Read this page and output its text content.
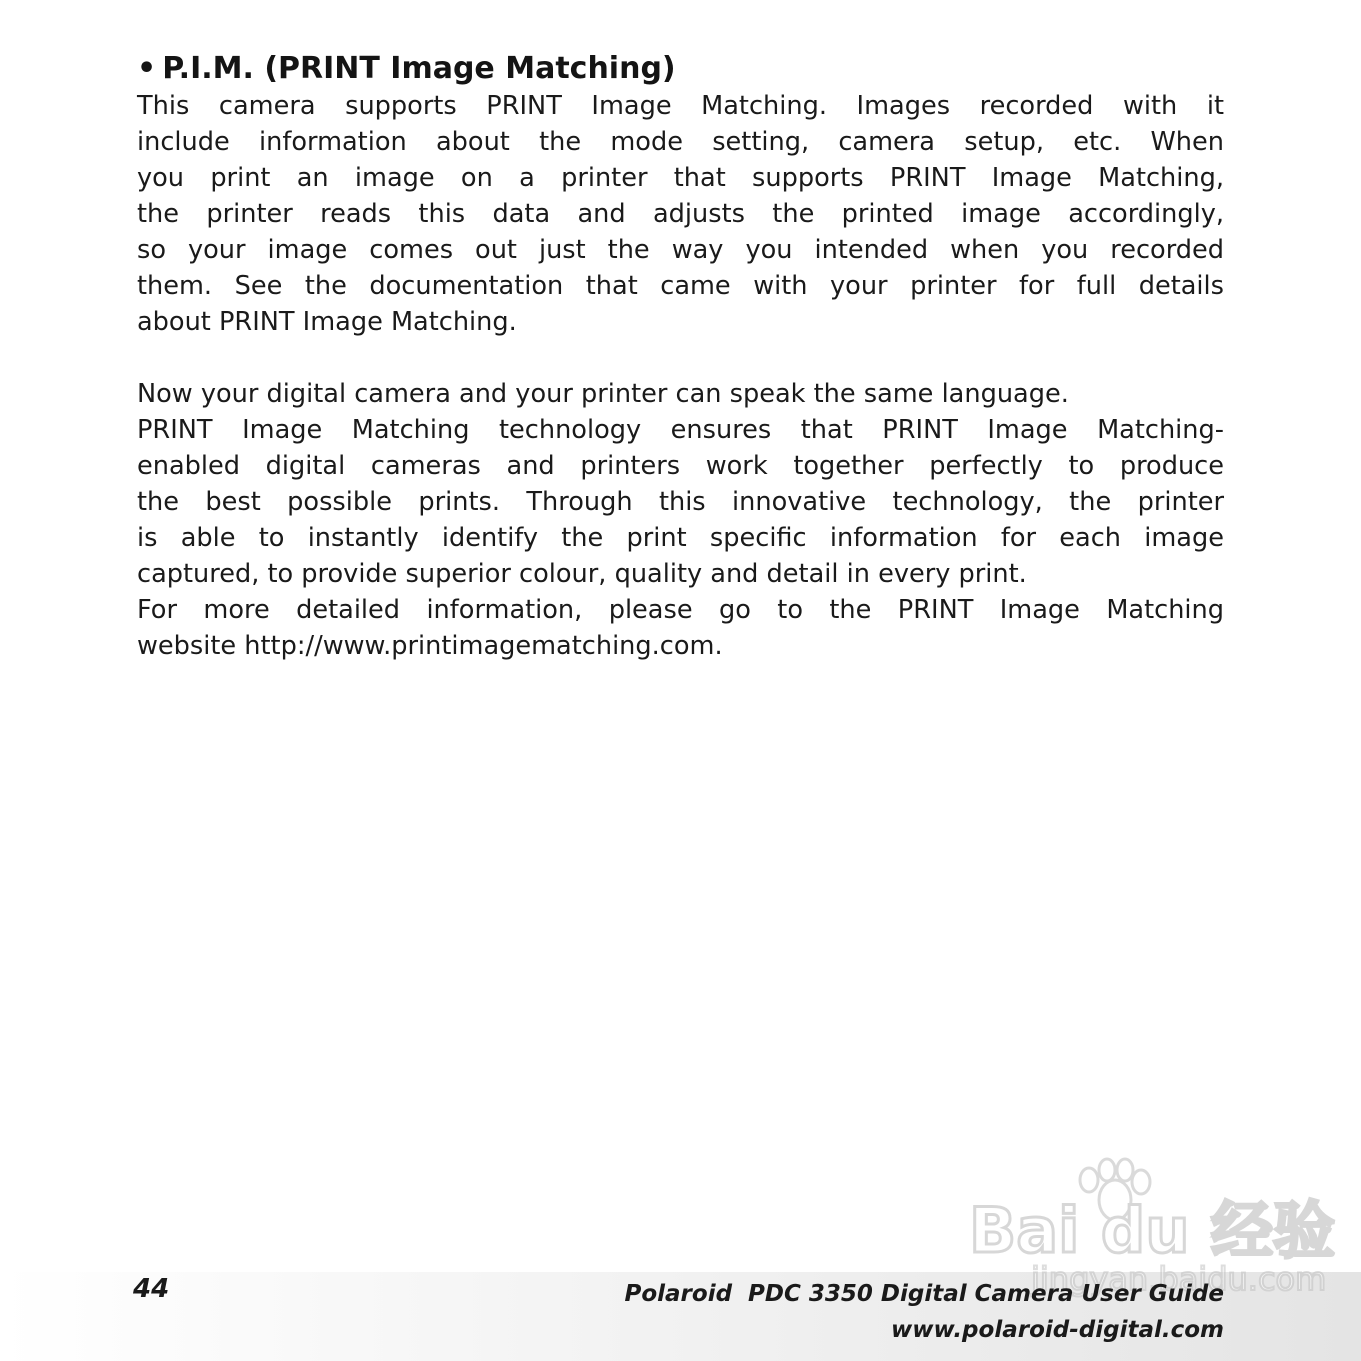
• P.I.M. (PRINT Image Matching)

This camera supports PRINT Image Matching. Images recorded with it
include information about the mode setting, camera setup, etc. When
you print an image on a printer that supports PRINT Image Matching,
the printer reads this data and adjusts the printed image accordingly,
so your image comes out just the way you intended when you recorded
them. See the documentation that came with your printer for full details
about PRINT Image Matching.

Now your digital camera and your printer can speak the same language.
PRINT Image Matching technology ensures that PRINT Image Matching-
enabled digital cameras and printers work together perfectly to produce
the best possible prints. Through this innovative technology, the printer
is able to instantly identify the print specific information for each image
captured, to provide superior colour, quality and detail in every print.
For more detailed information, please go to the PRINT Image Matching
website http://www.printimagematching.com.

Bai du 经验
jingyan.baidu.com
44	Polaroid  PDC 3350 Digital Camera User Guide
www.polaroid-digital.com
